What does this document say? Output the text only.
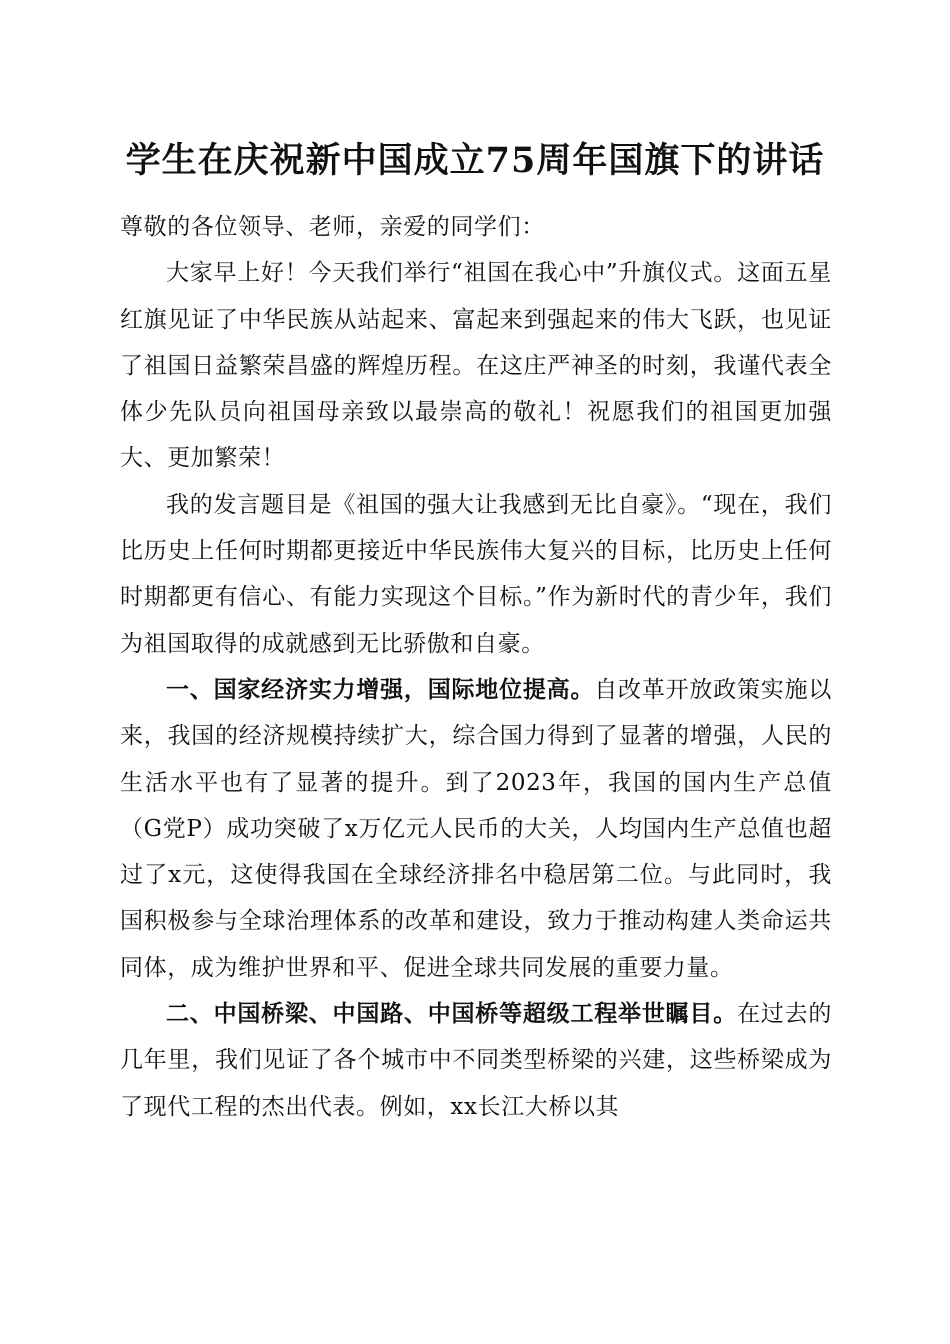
学生在庆祝新中国成立75周年国旗下的讲话

尊敬的各位领导、老师，亲爱的同学们：

大家早上好！今天我们举行“祖国在我心中”升旗仪式。这面五星红旗见证了中华民族从站起来、富起来到强起来的伟大飞跃，也见证了祖国日益繁荣昌盛的辉煌历程。在这庄严神圣的时刻，我谨代表全体少先队员向祖国母亲致以最崇高的敬礼！祝愿我们的祖国更加强大、更加繁荣！

我的发言题目是《祖国的强大让我感到无比自豪》。“现在，我们比历史上任何时期都更接近中华民族伟大复兴的目标，比历史上任何时期都更有信心、有能力实现这个目标。”作为新时代的青少年，我们为祖国取得的成就感到无比骄傲和自豪。

一、国家经济实力增强，国际地位提高。自改革开放政策实施以来，我国的经济规模持续扩大，综合国力得到了显著的增强，人民的生活水平也有了显著的提升。到了2023年，我国的国内生产总值（G党P）成功突破了x万亿元人民币的大关，人均国内生产总值也超过了x元，这使得我国在全球经济排名中稳居第二位。与此同时，我国积极参与全球治理体系的改革和建设，致力于推动构建人类命运共同体，成为维护世界和平、促进全球共同发展的重要力量。

二、中国桥梁、中国路、中国桥等超级工程举世瞩目。在过去的几年里，我们见证了各个城市中不同类型桥梁的兴建，这些桥梁成为了现代工程的杰出代表。例如，xx长江大桥以其
